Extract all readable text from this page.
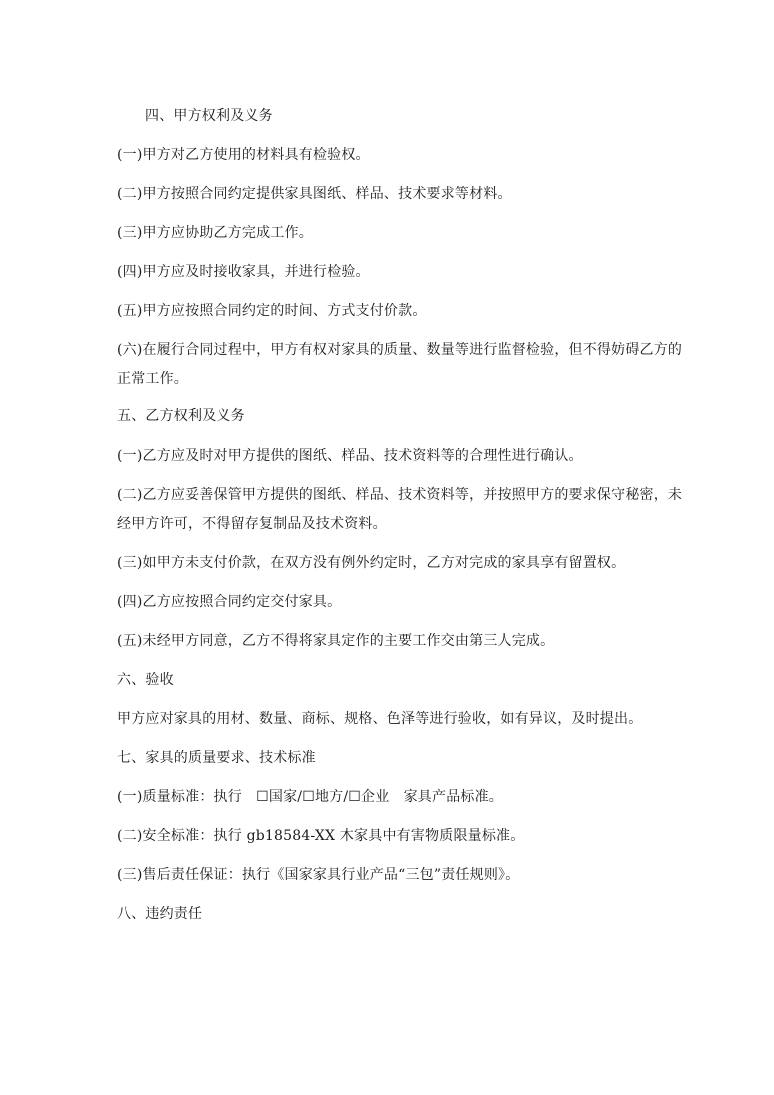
四、甲方权利及义务
(一)甲方对乙方使用的材料具有检验权。
(二)甲方按照合同约定提供家具图纸、样品、技术要求等材料。
(三)甲方应协助乙方完成工作。
(四)甲方应及时接收家具，并进行检验。
(五)甲方应按照合同约定的时间、方式支付价款。
(六)在履行合同过程中，甲方有权对家具的质量、数量等进行监督检验，但不得妨碍乙方的
正常工作。
五、乙方权利及义务
(一)乙方应及时对甲方提供的图纸、样品、技术资料等的合理性进行确认。
(二)乙方应妥善保管甲方提供的图纸、样品、技术资料等，并按照甲方的要求保守秘密，未
经甲方许可，不得留存复制品及技术资料。
(三)如甲方未支付价款，在双方没有例外约定时，乙方对完成的家具享有留置权。
(四)乙方应按照合同约定交付家具。
(五)未经甲方同意，乙方不得将家具定作的主要工作交由第三人完成。
六、验收
甲方应对家具的用材、数量、商标、规格、色泽等进行验收，如有异议，及时提出。
七、家具的质量要求、技术标准
(一)质量标准：执行　☐国家/☐地方/☐企业　家具产品标准。
(二)安全标准：执行 gb18584-XX 木家具中有害物质限量标准。
(三)售后责任保证：执行《国家家具行业产品“三包”责任规则》。
八、违约责任
